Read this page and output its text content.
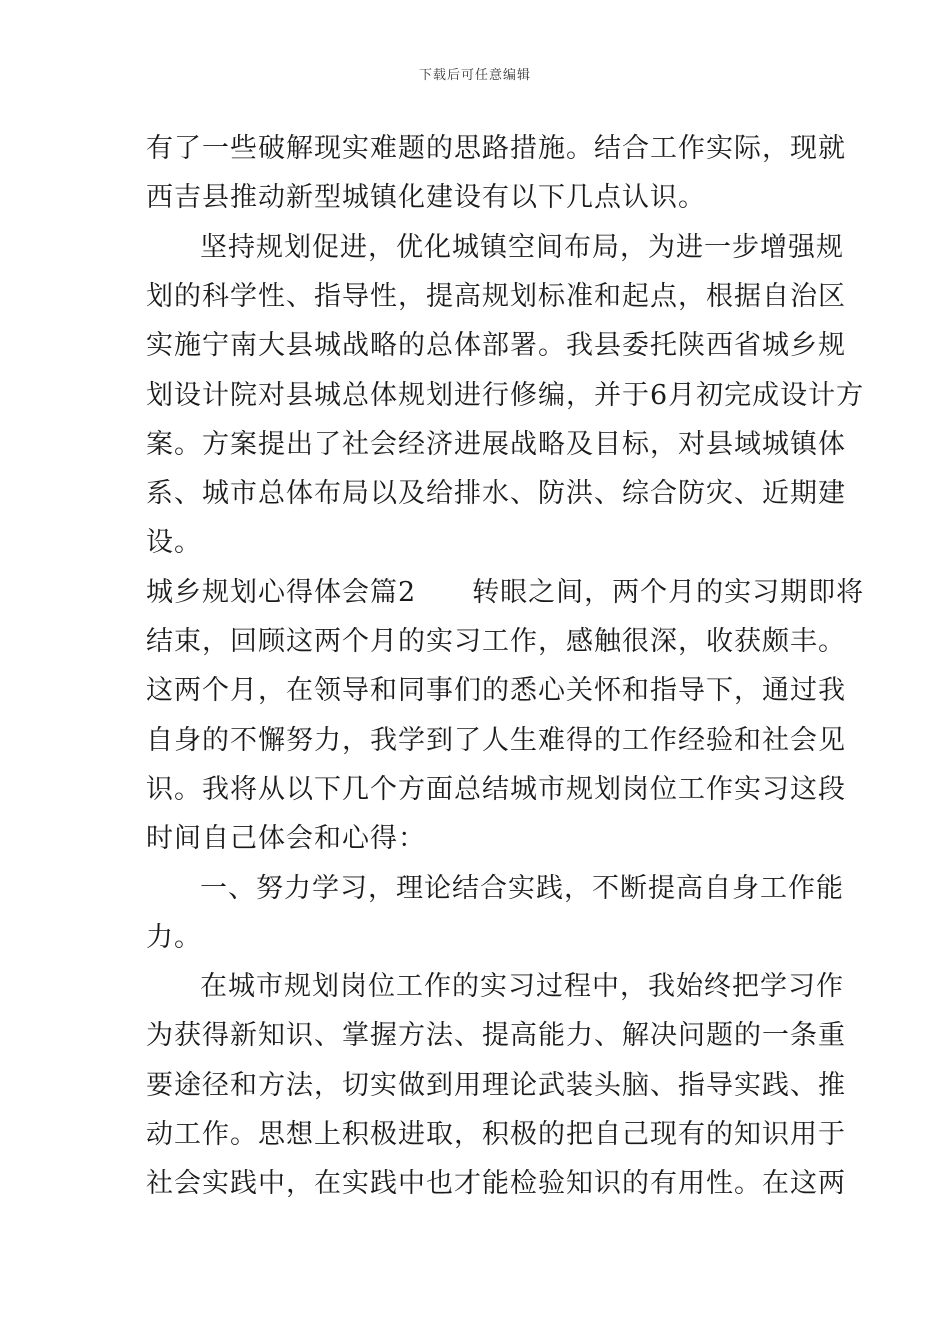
下载后可任意编辑
有了一些破解现实难题的思路措施。结合工作实际，现就
西吉县推动新型城镇化建设有以下几点认识。
坚持规划促进，优化城镇空间布局，为进一步增强规
划的科学性、指导性，提高规划标准和起点，根据自治区
实施宁南大县城战略的总体部署。我县委托陕西省城乡规
划设计院对县城总体规划进行修编，并于6月初完成设计方
案。方案提出了社会经济进展战略及目标，对县域城镇体
系、城市总体布局以及给排水、防洪、综合防灾、近期建
设。
城乡规划心得体会篇2　　转眼之间，两个月的实习期即将
结束，回顾这两个月的实习工作，感触很深，收获颇丰。
这两个月，在领导和同事们的悉心关怀和指导下，通过我
自身的不懈努力，我学到了人生难得的工作经验和社会见
识。我将从以下几个方面总结城市规划岗位工作实习这段
时间自己体会和心得：
一、努力学习，理论结合实践，不断提高自身工作能
力。
在城市规划岗位工作的实习过程中，我始终把学习作
为获得新知识、掌握方法、提高能力、解决问题的一条重
要途径和方法，切实做到用理论武装头脑、指导实践、推
动工作。思想上积极进取，积极的把自己现有的知识用于
社会实践中，在实践中也才能检验知识的有用性。在这两
